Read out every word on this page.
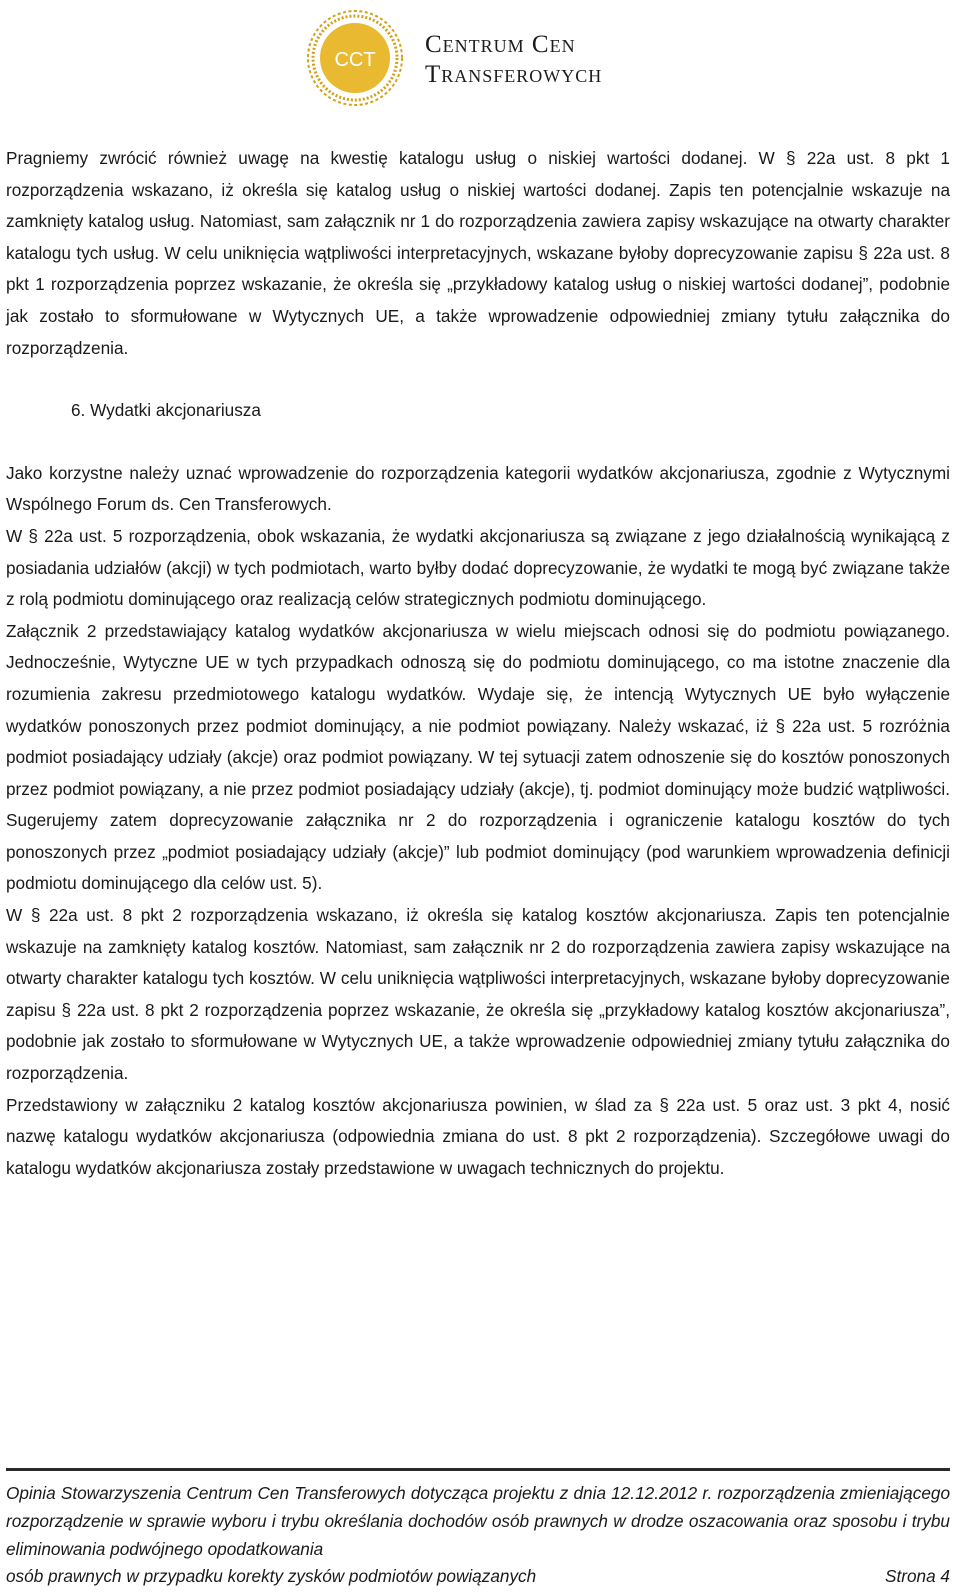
CCT
Centrum Cen
Transferowych

Pragniemy zwrócić również uwagę na kwestię katalogu usług o niskiej wartości dodanej. W § 22a ust. 8 pkt 1 rozporządzenia wskazano, iż określa się katalog usług o niskiej wartości dodanej. Zapis ten potencjalnie wskazuje na zamknięty katalog usług. Natomiast, sam załącznik nr 1 do rozporządzenia zawiera zapisy wskazujące na otwarty charakter katalogu tych usług. W celu uniknięcia wątpliwości interpretacyjnych, wskazane byłoby doprecyzowanie zapisu § 22a ust. 8 pkt 1 rozporządzenia poprzez wskazanie, że określa się „przykładowy katalog usług o niskiej wartości dodanej”, podobnie jak zostało to sformułowane w Wytycznych UE, a także wprowadzenie odpowiedniej zmiany tytułu załącznika do rozporządzenia.

6. Wydatki akcjonariusza

Jako korzystne należy uznać wprowadzenie do rozporządzenia kategorii wydatków akcjonariusza, zgodnie z Wytycznymi Wspólnego Forum ds. Cen Transferowych.

W § 22a ust. 5 rozporządzenia, obok wskazania, że wydatki akcjonariusza są związane z jego działalnością wynikającą z posiadania udziałów (akcji) w tych podmiotach, warto byłby dodać doprecyzowanie, że wydatki te mogą być związane także z rolą podmiotu dominującego oraz realizacją celów strategicznych podmiotu dominującego.

Załącznik 2 przedstawiający katalog wydatków akcjonariusza w wielu miejscach odnosi się do podmiotu powiązanego. Jednocześnie, Wytyczne UE w tych przypadkach odnoszą się do podmiotu dominującego, co ma istotne znaczenie dla rozumienia zakresu przedmiotowego katalogu wydatków. Wydaje się, że intencją Wytycznych UE było wyłączenie wydatków ponoszonych przez podmiot dominujący, a nie podmiot powiązany. Należy wskazać, iż § 22a ust. 5 rozróżnia podmiot posiadający udziały (akcje) oraz podmiot powiązany. W tej sytuacji zatem odnoszenie się do kosztów ponoszonych przez podmiot powiązany, a nie przez podmiot posiadający udziały (akcje), tj. podmiot dominujący może budzić wątpliwości. Sugerujemy zatem doprecyzowanie załącznika nr 2 do rozporządzenia i ograniczenie katalogu kosztów do tych ponoszonych przez „podmiot posiadający udziały (akcje)” lub podmiot dominujący (pod warunkiem wprowadzenia definicji podmiotu dominującego dla celów ust. 5).

W § 22a ust. 8 pkt 2 rozporządzenia wskazano, iż określa się katalog kosztów akcjonariusza. Zapis ten potencjalnie wskazuje na zamknięty katalog kosztów. Natomiast, sam załącznik nr 2 do rozporządzenia zawiera zapisy wskazujące na otwarty charakter katalogu tych kosztów. W celu uniknięcia wątpliwości interpretacyjnych, wskazane byłoby doprecyzowanie zapisu § 22a ust. 8 pkt 2 rozporządzenia poprzez wskazanie, że określa się „przykładowy katalog kosztów akcjonariusza”, podobnie jak zostało to sformułowane w Wytycznych UE, a także wprowadzenie odpowiedniej zmiany tytułu załącznika do rozporządzenia.

Przedstawiony w załączniku 2 katalog kosztów akcjonariusza powinien, w ślad za § 22a ust. 5 oraz ust. 3 pkt 4, nosić nazwę katalogu wydatków akcjonariusza (odpowiednia zmiana do ust. 8 pkt 2 rozporządzenia). Szczegółowe uwagi do katalogu wydatków akcjonariusza zostały przedstawione w uwagach technicznych do projektu.

Opinia Stowarzyszenia Centrum Cen Transferowych dotycząca projektu z dnia 12.12.2012 r. rozporządzenia zmieniającego rozporządzenie w sprawie wyboru i trybu określania dochodów osób prawnych w drodze oszacowania oraz sposobu i trybu eliminowania podwójnego opodatkowania

osób prawnych w przypadku korekty zysków podmiotów powiązanych	Strona 4
